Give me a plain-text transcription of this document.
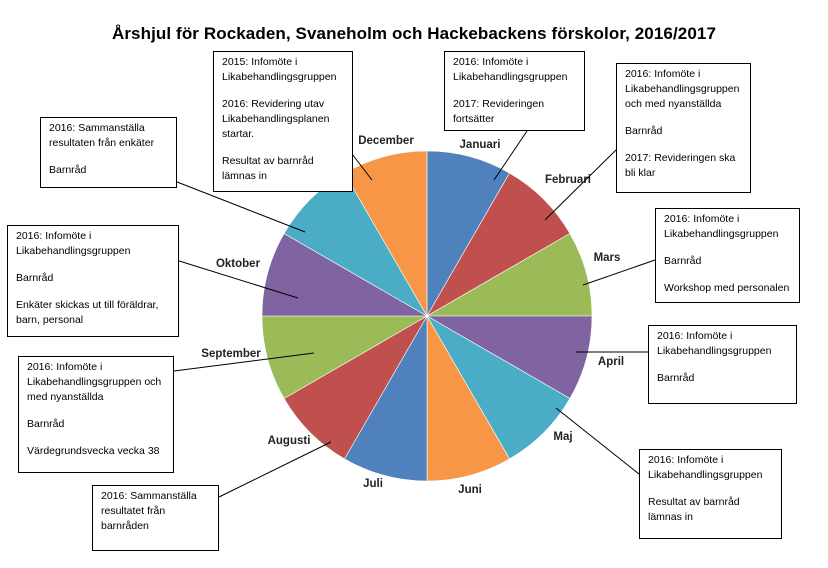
Årshjul för Rockaden, Svaneholm och Hackebackens förskolor, 2016/2017
Januari
Februari
Mars
April
Maj
Juni
Juli
Augusti
September
Oktober
December
2015: Infomöte i
Likabehandlingsgruppen
2016: Revidering utav
Likabehandlingsplanen
startar.
Resultat av barnråd
lämnas in
2016: Infomöte i
Likabehandlingsgruppen
2017: Revideringen
fortsätter
2016: Infomöte i
Likabehandlingsgruppen
och med nyanställda
Barnråd
2017: Revideringen ska
bli klar
2016: Sammanställa
resultaten från enkäter
Barnråd
2016: Infomöte i
Likabehandlingsgruppen
Barnråd
Workshop med personalen
2016: Infomöte i
Likabehandlingsgruppen
Barnråd
Enkäter skickas ut till föräldrar,
barn, personal
2016: Infomöte i
Likabehandlingsgruppen
Barnråd
2016: Infomöte i
Likabehandlingsgruppen och
med nyanställda
Barnråd
Värdegrundsvecka vecka 38
2016: Infomöte i
Likabehandlingsgruppen
Resultat av barnråd
lämnas in
2016: Sammanställa
resultatet från
barnråden
